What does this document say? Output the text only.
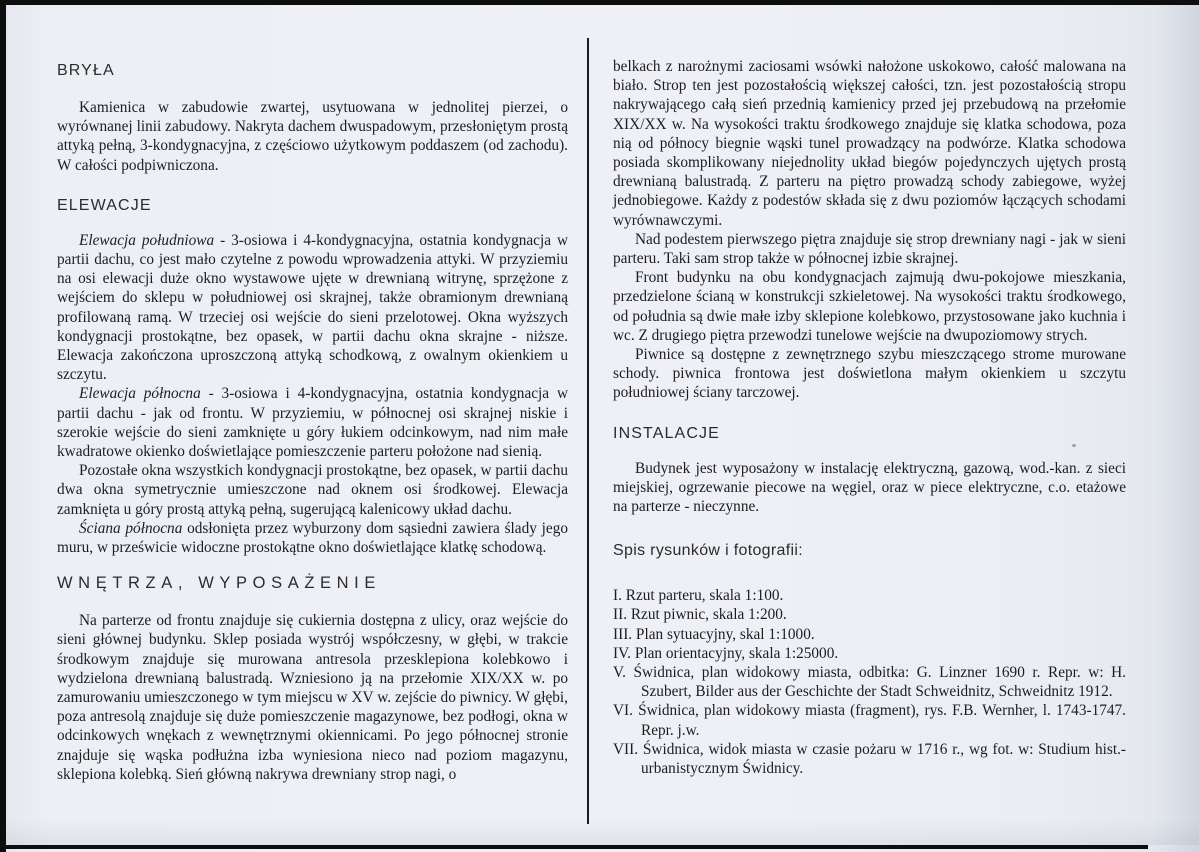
BRYŁA

Kamienica w zabudowie zwartej, usytuowana w jednolitej pierzei, o wyrównanej linii zabudowy. Nakryta dachem dwuspadowym, przesłoniętym prostą attyką pełną, 3-kondygnacyjna, z częściowo użytkowym poddaszem (od zachodu). W całości podpiwniczona.

ELEWACJE

Elewacja południowa - 3-osiowa i 4-kondygnacyjna, ostatnia kondygnacja w partii dachu, co jest mało czytelne z powodu wprowadzenia attyki. W przyziemiu na osi elewacji duże okno wystawowe ujęte w drewnianą witrynę, sprzężone z wejściem do sklepu w południowej osi skrajnej, także obramionym drewnianą profilowaną ramą. W trzeciej osi wejście do sieni przelotowej. Okna wyższych kondygnacji prostokątne, bez opasek, w partii dachu okna skrajne - niższe. Elewacja zakończona uproszczoną attyką schodkową, z owalnym okienkiem u szczytu.

Elewacja północna - 3-osiowa i 4-kondygnacyjna, ostatnia kondygnacja w partii dachu - jak od frontu. W przyziemiu, w północnej osi skrajnej niskie i szerokie wejście do sieni zamknięte u góry łukiem odcinkowym, nad nim małe kwadratowe okienko doświetlające pomieszczenie parteru położone nad sienią.

Pozostałe okna wszystkich kondygnacji prostokątne, bez opasek, w partii dachu dwa okna symetrycznie umieszczone nad oknem osi środkowej. Elewacja zamknięta u góry prostą attyką pełną, sugerującą kalenicowy układ dachu.

Ściana północna odsłonięta przez wyburzony dom sąsiedni zawiera ślady jego muru, w prześwicie widoczne prostokątne okno doświetlające klatkę schodową.

WNĘTRZA, WYPOSAŻENIE

Na parterze od frontu znajduje się cukiernia dostępna z ulicy, oraz wejście do sieni głównej budynku. Sklep posiada wystrój współczesny, w głębi, w trakcie środkowym znajduje się murowana antresola przesklepiona kolebkowo i wydzielona drewnianą balustradą. Wzniesiono ją na przełomie XIX/XX w. po zamurowaniu umieszczonego w tym miejscu w XV w. zejście do piwnicy. W głębi, poza antresolą znajduje się duże pomieszczenie magazynowe, bez podłogi, okna w odcinkowych wnękach z wewnętrznymi okiennicami. Po jego północnej stronie znajduje się wąska podłużna izba wyniesiona nieco nad poziom magazynu, sklepiona kolebką. Sień główną nakrywa drewniany strop nagi, o

belkach z narożnymi zaciosami wsówki nałożone uskokowo, całość malowana na biało. Strop ten jest pozostałością większej całości, tzn. jest pozostałością stropu nakrywającego całą sień przednią kamienicy przed jej przebudową na przełomie XIX/XX w. Na wysokości traktu środkowego znajduje się klatka schodowa, poza nią od północy biegnie wąski tunel prowadzący na podwórze. Klatka schodowa posiada skomplikowany niejednolity układ biegów pojedynczych ujętych prostą drewnianą balustradą. Z parteru na piętro prowadzą schody zabiegowe, wyżej jednobiegowe. Każdy z podestów składa się z dwu poziomów łączących schodami wyrównawczymi.

Nad podestem pierwszego piętra znajduje się strop drewniany nagi - jak w sieni parteru. Taki sam strop także w północnej izbie skrajnej.

Front budynku na obu kondygnacjach zajmują dwu-pokojowe mieszkania, przedzielone ścianą w konstrukcji szkieletowej. Na wysokości traktu środkowego, od południa są dwie małe izby sklepione kolebkowo, przystosowane jako kuchnia i wc. Z drugiego piętra przewodzi tunelowe wejście na dwupoziomowy strych.

Piwnice są dostępne z zewnętrznego szybu mieszczącego strome murowane schody. piwnica frontowa jest doświetlona małym okienkiem u szczytu południowej ściany tarczowej.

INSTALACJE

Budynek jest wyposażony w instalację elektryczną, gazową, wod.-kan. z sieci miejskiej, ogrzewanie piecowe na węgiel, oraz w piece elektryczne, c.o. etażowe na parterze - nieczynne.

Spis rysunków i fotografii:

I. Rzut parteru, skala 1:100.

II. Rzut piwnic, skala 1:200.

III. Plan sytuacyjny, skal 1:1000.

IV. Plan orientacyjny, skala 1:25000.

V. Świdnica, plan widokowy miasta, odbitka: G. Linzner 1690 r. Repr. w: H. Szubert, Bilder aus der Geschichte der Stadt Schweidnitz, Schweidnitz 1912.

VI. Świdnica, plan widokowy miasta (fragment), rys. F.B. Wernher, l. 1743-1747. Repr. j.w.

VII. Świdnica, widok miasta w czasie pożaru w 1716 r., wg fot. w: Studium hist.-urbanistycznym Świdnicy.
